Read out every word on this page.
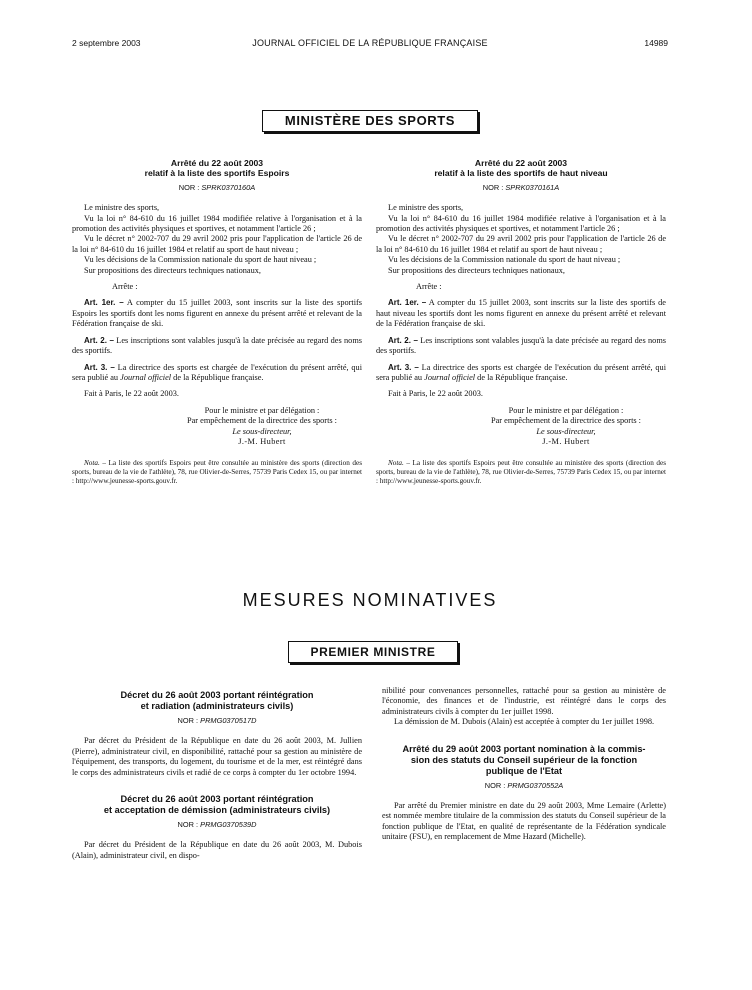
2 septembre 2003	JOURNAL OFFICIEL DE LA RÉPUBLIQUE FRANÇAISE	14989
MINISTÈRE DES SPORTS

Arrêté du 22 août 2003

relatif à la liste des sportifs Espoirs

NOR : SPRK0370160A

Le ministre des sports,

Vu la loi n° 84-610 du 16 juillet 1984 modifiée relative à l'organisation et à la promotion des activités physiques et sportives, et notamment l'article 26 ;

Vu le décret n° 2002-707 du 29 avril 2002 pris pour l'application de l'article 26 de la loi n° 84-610 du 16 juillet 1984 et relatif au sport de haut niveau ;

Vu les décisions de la Commission nationale du sport de haut niveau ;

Sur propositions des directeurs techniques nationaux,

Arrête :

Art. 1er. – A compter du 15 juillet 2003, sont inscrits sur la liste des sportifs Espoirs les sportifs dont les noms figurent en annexe du présent arrêté et relevant de la Fédération française de ski.

Art. 2. – Les inscriptions sont valables jusqu'à la date précisée au regard des noms des sportifs.

Art. 3. – La directrice des sports est chargée de l'exécution du présent arrêté, qui sera publié au Journal officiel de la République française.

Fait à Paris, le 22 août 2003.

Pour le ministre et par délégation :

Par empêchement de la directrice des sports :

Le sous-directeur,

J.-M. Hubert

Nota. – La liste des sportifs Espoirs peut être consultée au ministère des sports (direction des sports, bureau de la vie de l'athlète), 78, rue Olivier-de-Serres, 75739 Paris Cedex 15, ou par internet : http://www.jeunesse-sports.gouv.fr.

Arrêté du 22 août 2003

relatif à la liste des sportifs de haut niveau

NOR : SPRK0370161A

Le ministre des sports,

Vu la loi n° 84-610 du 16 juillet 1984 modifiée relative à l'organisation et à la promotion des activités physiques et sportives, et notamment l'article 26 ;

Vu le décret n° 2002-707 du 29 avril 2002 pris pour l'application de l'article 26 de la loi n° 84-610 du 16 juillet 1984 et relatif au sport de haut niveau ;

Vu les décisions de la Commission nationale du sport de haut niveau ;

Sur propositions des directeurs techniques nationaux,

Arrête :

Art. 1er. – A compter du 15 juillet 2003, sont inscrits sur la liste des sportifs de haut niveau les sportifs dont les noms figurent en annexe du présent arrêté et relevant de la Fédération française de ski.

Art. 2. – Les inscriptions sont valables jusqu'à la date précisée au regard des noms des sportifs.

Art. 3. – La directrice des sports est chargée de l'exécution du présent arrêté, qui sera publié au Journal officiel de la République française.

Fait à Paris, le 22 août 2003.

Pour le ministre et par délégation :

Par empêchement de la directrice des sports :

Le sous-directeur,

J.-M. Hubert

Nota. – La liste des sportifs Espoirs peut être consultée au ministère des sports (direction des sports, bureau de la vie de l'athlète), 78, rue Olivier-de-Serres, 75739 Paris Cedex 15, ou par internet : http://www.jeunesse-sports.gouv.fr.

MESURES NOMINATIVES
PREMIER MINISTRE

Décret du 26 août 2003 portant réintégration

et radiation (administrateurs civils)

NOR : PRMG0370517D

Par décret du Président de la République en date du 26 août 2003, M. Jullien (Pierre), administrateur civil, en disponibilité, rattaché pour sa gestion au ministère de l'équipement, des transports, du logement, du tourisme et de la mer, est réintégré dans le corps des administrateurs civils et radié de ce corps à compter du 1er octobre 1994.

Décret du 26 août 2003 portant réintégration

et acceptation de démission (administrateurs civils)

NOR : PRMG0370539D

Par décret du Président de la République en date du 26 août 2003, M. Dubois (Alain), administrateur civil, en dispo-

nibilité pour convenances personnelles, rattaché pour sa gestion au ministère de l'économie, des finances et de l'industrie, est réintégré dans le corps des administrateurs civils à compter du 1er juillet 1998.

La démission de M. Dubois (Alain) est acceptée à compter du 1er juillet 1998.

Arrêté du 29 août 2003 portant nomination à la commis-

sion des statuts du Conseil supérieur de la fonction

publique de l'Etat

NOR : PRMG0370552A

Par arrêté du Premier ministre en date du 29 août 2003, Mme Lemaire (Arlette) est nommée membre titulaire de la commission des statuts du Conseil supérieur de la fonction publique de l'Etat, en qualité de représentante de la Fédération syndicale unitaire (FSU), en remplacement de Mme Hazard (Michelle).
